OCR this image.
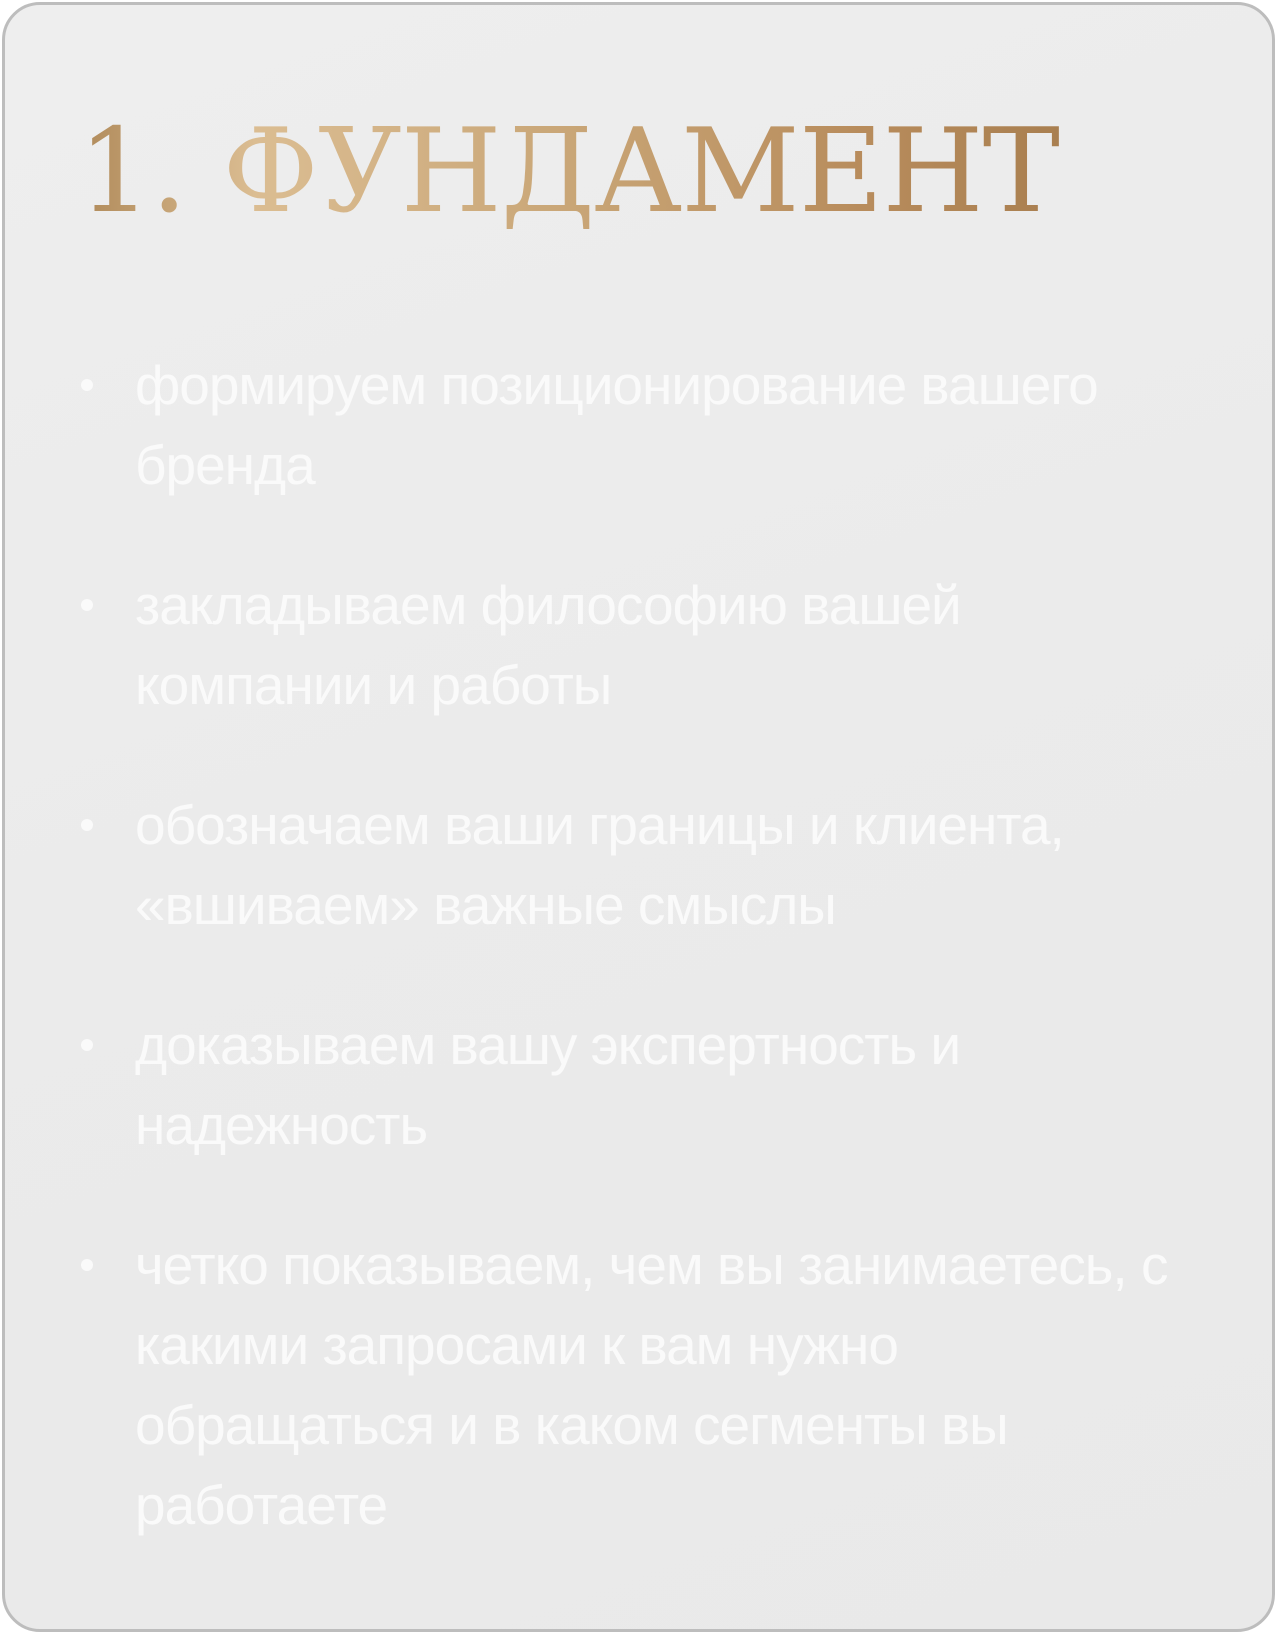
1. ФУНДАМЕНТ
формируем позиционирование вашего бренда
закладываем философию вашей компании и работы
обозначаем ваши границы и клиента, «вшиваем» важные смыслы
доказываем вашу экспертность и надежность
четко показываем, чем вы занимаетесь, с какими запросами к вам нужно обращаться и в каком сегменты вы работаете
